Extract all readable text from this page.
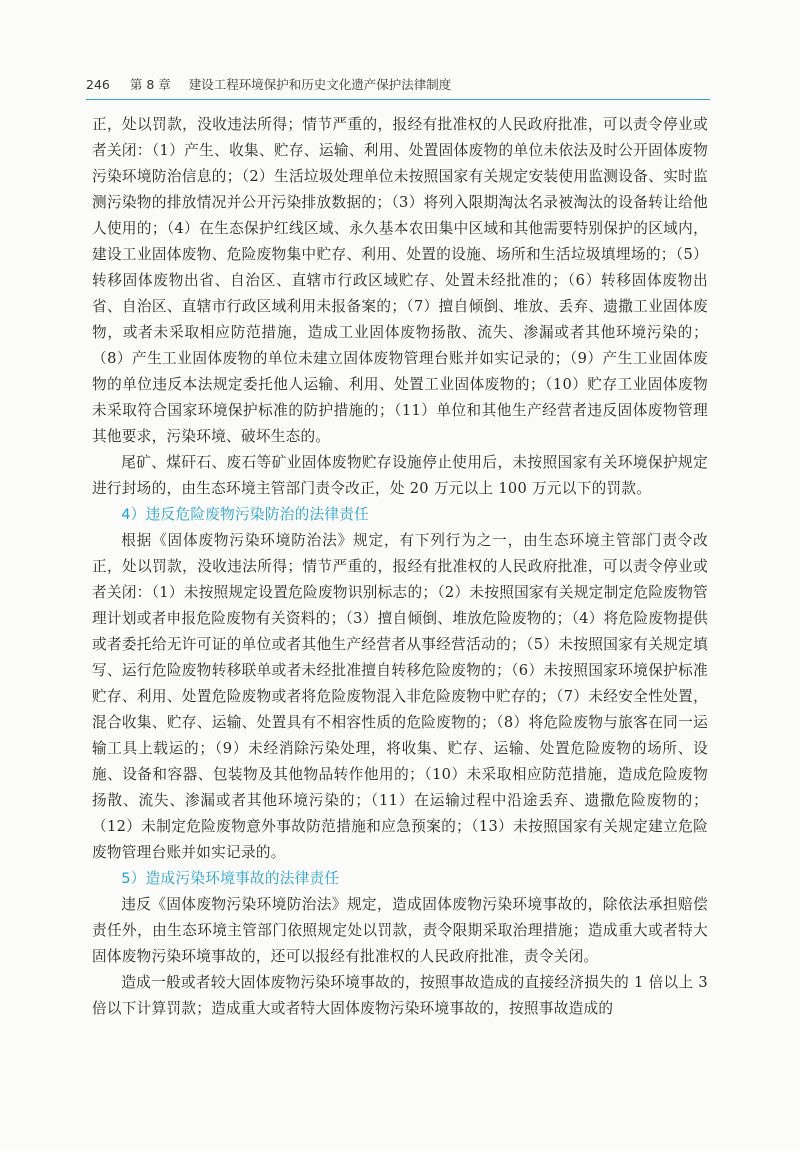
246 第 8 章 建设工程环境保护和历史文化遗产保护法律制度

正，处以罚款，没收违法所得；情节严重的，报经有批准权的人民政府批准，可以责令停业或者关闭：（1）产生、收集、贮存、运输、利用、处置固体废物的单位未依法及时公开固体废物污染环境防治信息的；（2）生活垃圾处理单位未按照国家有关规定安装使用监测设备、实时监测污染物的排放情况并公开污染排放数据的；（3）将列入限期淘汰名录被淘汰的设备转让给他人使用的；（4）在生态保护红线区域、永久基本农田集中区域和其他需要特别保护的区域内，建设工业固体废物、危险废物集中贮存、利用、处置的设施、场所和生活垃圾填埋场的；（5）转移固体废物出省、自治区、直辖市行政区域贮存、处置未经批准的；（6）转移固体废物出省、自治区、直辖市行政区域利用未报备案的；（7）擅自倾倒、堆放、丢弃、遗撒工业固体废物，或者未采取相应防范措施，造成工业固体废物扬散、流失、渗漏或者其他环境污染的；（8）产生工业固体废物的单位未建立固体废物管理台账并如实记录的；（9）产生工业固体废物的单位违反本法规定委托他人运输、利用、处置工业固体废物的；（10）贮存工业固体废物未采取符合国家环境保护标准的防护措施的；（11）单位和其他生产经营者违反固体废物管理其他要求，污染环境、破坏生态的。

尾矿、煤矸石、废石等矿业固体废物贮存设施停止使用后，未按照国家有关环境保护规定进行封场的，由生态环境主管部门责令改正，处 20 万元以上 100 万元以下的罚款。

4）违反危险废物污染防治的法律责任

根据《固体废物污染环境防治法》规定，有下列行为之一，由生态环境主管部门责令改正，处以罚款，没收违法所得；情节严重的，报经有批准权的人民政府批准，可以责令停业或者关闭：（1）未按照规定设置危险废物识别标志的；（2）未按照国家有关规定制定危险废物管理计划或者申报危险废物有关资料的；（3）擅自倾倒、堆放危险废物的；（4）将危险废物提供或者委托给无许可证的单位或者其他生产经营者从事经营活动的；（5）未按照国家有关规定填写、运行危险废物转移联单或者未经批准擅自转移危险废物的；（6）未按照国家环境保护标准贮存、利用、处置危险废物或者将危险废物混入非危险废物中贮存的；（7）未经安全性处置，混合收集、贮存、运输、处置具有不相容性质的危险废物的；（8）将危险废物与旅客在同一运输工具上载运的；（9）未经消除污染处理，将收集、贮存、运输、处置危险废物的场所、设施、设备和容器、包装物及其他物品转作他用的；（10）未采取相应防范措施，造成危险废物扬散、流失、渗漏或者其他环境污染的；（11）在运输过程中沿途丢弃、遗撒危险废物的；（12）未制定危险废物意外事故防范措施和应急预案的；（13）未按照国家有关规定建立危险废物管理台账并如实记录的。

5）造成污染环境事故的法律责任

违反《固体废物污染环境防治法》规定，造成固体废物污染环境事故的，除依法承担赔偿责任外，由生态环境主管部门依照规定处以罚款，责令限期采取治理措施；造成重大或者特大固体废物污染环境事故的，还可以报经有批准权的人民政府批准，责令关闭。

造成一般或者较大固体废物污染环境事故的，按照事故造成的直接经济损失的 1 倍以上 3 倍以下计算罚款；造成重大或者特大固体废物污染环境事故的，按照事故造成的
